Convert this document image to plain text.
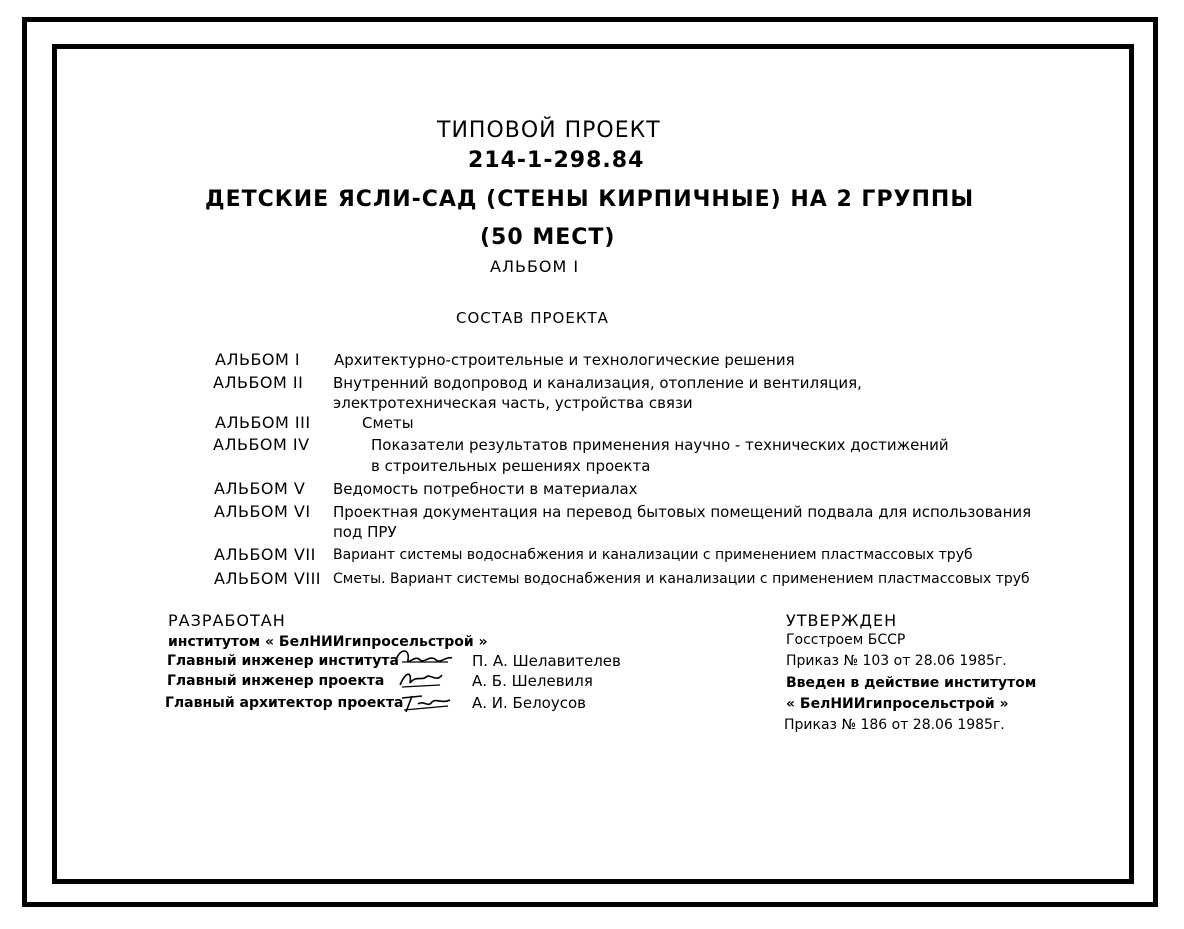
ТИПОВОЙ ПРОЕКТ
214-1-298.84
ДЕТСКИЕ ЯСЛИ-САД (СТЕНЫ КИРПИЧНЫЕ) НА 2 ГРУППЫ
(50 МЕСТ)
АЛЬБОМ I
СОСТАВ ПРОЕКТА
АЛЬБОМ I Архитектурно-строительные и технологические решения
АЛЬБОМ II Внутренний водопровод и канализация, отопление и вентиляция,
электротехническая часть, устройства связи
АЛЬБОМ III	Сметы
АЛЬБОМ IV	Показатели результатов применения научно - технических достижений
в строительных решениях проекта
АЛЬБОМ V Ведомость потребности в материалах
АЛЬБОМ VI Проектная документация на перевод бытовых помещений подвала для использования
под ПРУ
АЛЬБОМ VII Вариант системы водоснабжения и канализации с применением пластмассовых труб
АЛЬБОМ VIII Сметы. Вариант системы водоснабжения и канализации с применением пластмассовых труб
РАЗРАБОТАН
институтом « БелНИИгипросельстрой »
Главный инженер института	П. А. Шелавителев
Главный инженер проекта	А. Б. Шелевиля
Главный архитектор проекта	А. И. Белоусов
УТВЕРЖДЕН
Госстроем БССР
Приказ № 103 от 28.06 1985г.
Введен в действие институтом
« БелНИИгипросельстрой »
Приказ № 186 от 28.06 1985г.
